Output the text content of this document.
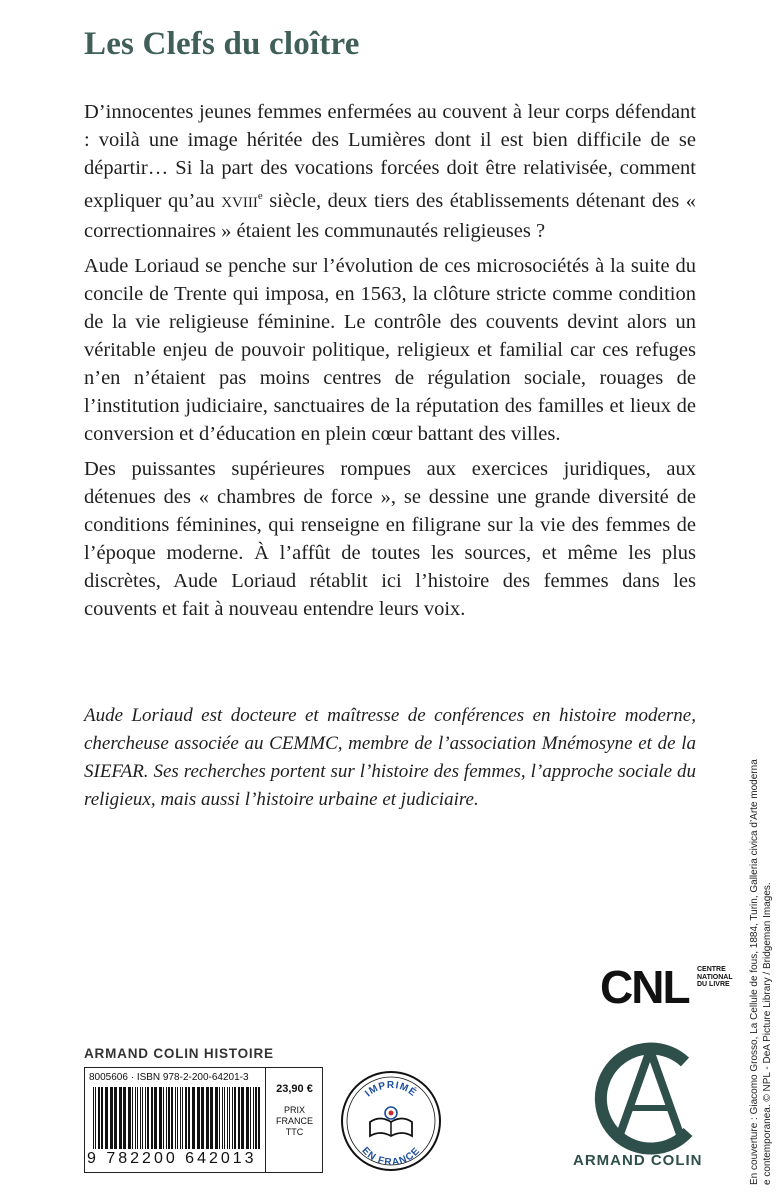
Les Clefs du cloître

D’innocentes jeunes femmes enfermées au couvent à leur corps défendant : voilà une image héritée des Lumières dont il est bien difficile de se départir… Si la part des vocations forcées doit être relativisée, comment expliquer qu’au XVIIIe siècle, deux tiers des établissements détenant des « correctionnaires » étaient les communautés religieuses ?

Aude Loriaud se penche sur l’évolution de ces microsociétés à la suite du concile de Trente qui imposa, en 1563, la clôture stricte comme condition de la vie religieuse féminine. Le contrôle des couvents devint alors un véritable enjeu de pouvoir politique, religieux et familial car ces refuges n’en n’étaient pas moins centres de régulation sociale, rouages de l’institution judiciaire, sanctuaires de la réputation des familles et lieux de conversion et d’éducation en plein cœur battant des villes.

Des puissantes supérieures rompues aux exercices juridiques, aux détenues des « chambres de force », se dessine une grande diversité de conditions féminines, qui renseigne en filigrane sur la vie des femmes de l’époque moderne. À l’affût de toutes les sources, et même les plus discrètes, Aude Loriaud rétablit ici l’histoire des femmes dans les couvents et fait à nouveau entendre leurs voix.

Aude Loriaud est docteure et maîtresse de conférences en histoire moderne, chercheuse associée au CEMMC, membre de l’association Mnémosyne et de la SIEFAR. Ses recherches portent sur l’histoire des femmes, l’approche sociale du religieux, mais aussi l’histoire urbaine et judiciaire.	En couverture : Giacomo Grosso, La Cellule de fous, 1884, Turin, Galleria civica d’Arte moderna e contemporanea. © NPL - DeA Picture Library / Bridgeman Images.
CNL CENTRE
NATIONAL
DU LIVRE
ARMAND COLIN HISTOIRE
8005606 · ISBN 978-2-200-64201-3
9 782200 642013
23,90 €
PRIX
FRANCE
TTC
IMPRIMÉ
EN FRANCE
ARMAND COLIN
